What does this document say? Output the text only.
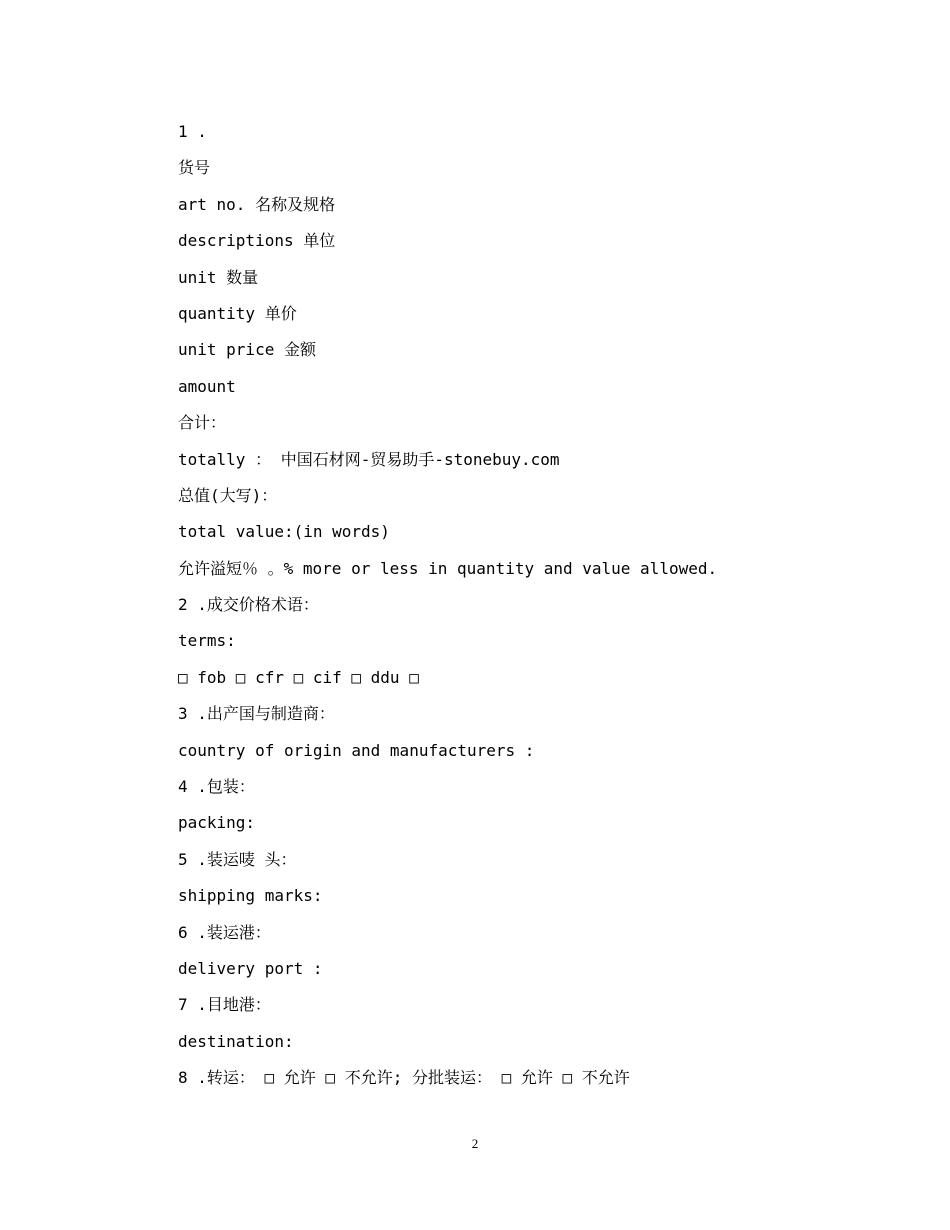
1 .
货号
art no. 名称及规格
descriptions 单位
unit 数量
quantity 单价
unit price 金额
amount
合计：
totally ： 中国石材网-贸易助手-stonebuy.com
总值(大写)：
total value:(in words)
允许溢短％ 。% more or less in quantity and value allowed.
2 .成交价格术语：
terms:
□ fob □ cfr □ cif □ ddu □
3 .出产国与制造商：
country of origin and manufacturers :
4 .包装：
packing:
5 .装运唛 头：
shipping marks:
6 .装运港：
delivery port :
7 .目地港：
destination:
8 .转运： □ 允许 □ 不允许; 分批装运： □ 允许 □ 不允许
2
